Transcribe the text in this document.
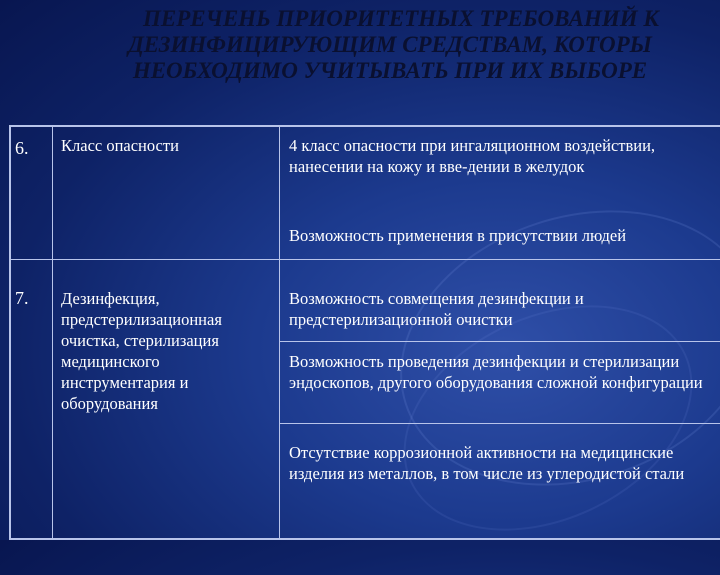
ПЕРЕЧЕНЬ ПРИОРИТЕТНЫХ ТРЕБОВАНИЙ К
ДЕЗИНФИЦИРУЮЩИМ СРЕДСТВАМ, КОТОРЫ
НЕОБХОДИМО УЧИТЫВАТЬ ПРИ ИХ ВЫБОРЕ
6. Класс опасности	4 класс опасности при ингаляционном воздействии, нанесении на кожу и вве-дении в желудок
Возможность применения в присутствии людей
7. Дезинфекция, предстерилизационная очистка, стерилизация медицинского инструментария и оборудования
Возможность совмещения дезинфекции и предстерилизационной очистки
Возможность проведения дезинфекции и стерилизации эндоскопов, другого оборудования сложной конфигурации
Отсутствие коррозионной активности на медицинские изделия из металлов, в том числе из углеродистой стали
